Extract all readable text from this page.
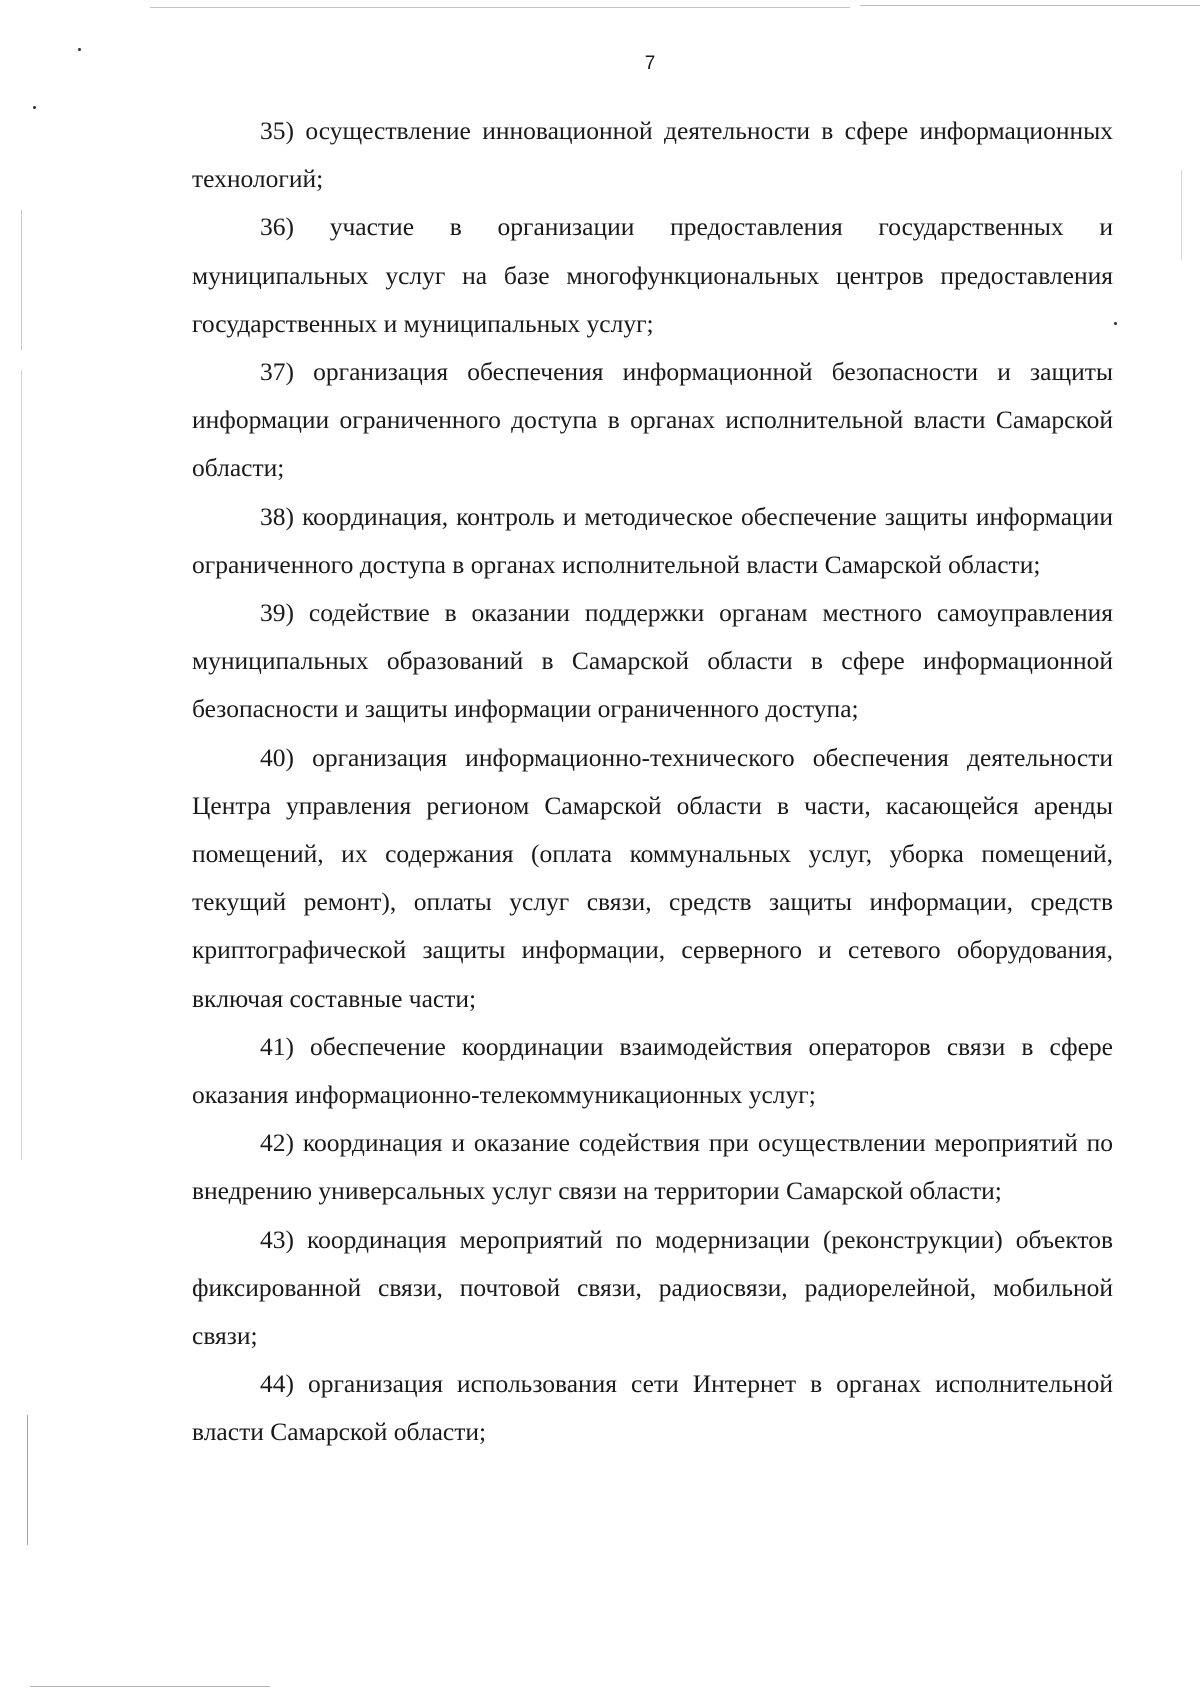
7

35) осуществление инновационной деятельности в сфере информационных технологий;

36) участие в организации предоставления государственных и муниципальных услуг на базе многофункциональных центров предоставления государственных и муниципальных услуг;

37) организация обеспечения информационной безопасности и защиты информации ограниченного доступа в органах исполнительной власти Самарской области;

38) координация, контроль и методическое обеспечение защиты информации ограниченного доступа в органах исполнительной власти Самарской области;

39) содействие в оказании поддержки органам местного самоуправления муниципальных образований в Самарской области в сфере информационной безопасности и защиты информации ограниченного доступа;

40) организация информационно-технического обеспечения деятельности Центра управления регионом Самарской области в части, касающейся аренды помещений, их содержания (оплата коммунальных услуг, уборка помещений, текущий ремонт), оплаты услуг связи, средств защиты информации, средств криптографической защиты информации, серверного и сетевого оборудования, включая составные части;

41) обеспечение координации взаимодействия операторов связи в сфере оказания информационно-телекоммуникационных услуг;

42) координация и оказание содействия при осуществлении мероприятий по внедрению универсальных услуг связи на территории Самарской области;

43) координация мероприятий по модернизации (реконструкции) объектов фиксированной связи, почтовой связи, радиосвязи, радиорелейной, мобильной связи;

44) организация использования сети Интернет в органах исполнительной власти Самарской области;
